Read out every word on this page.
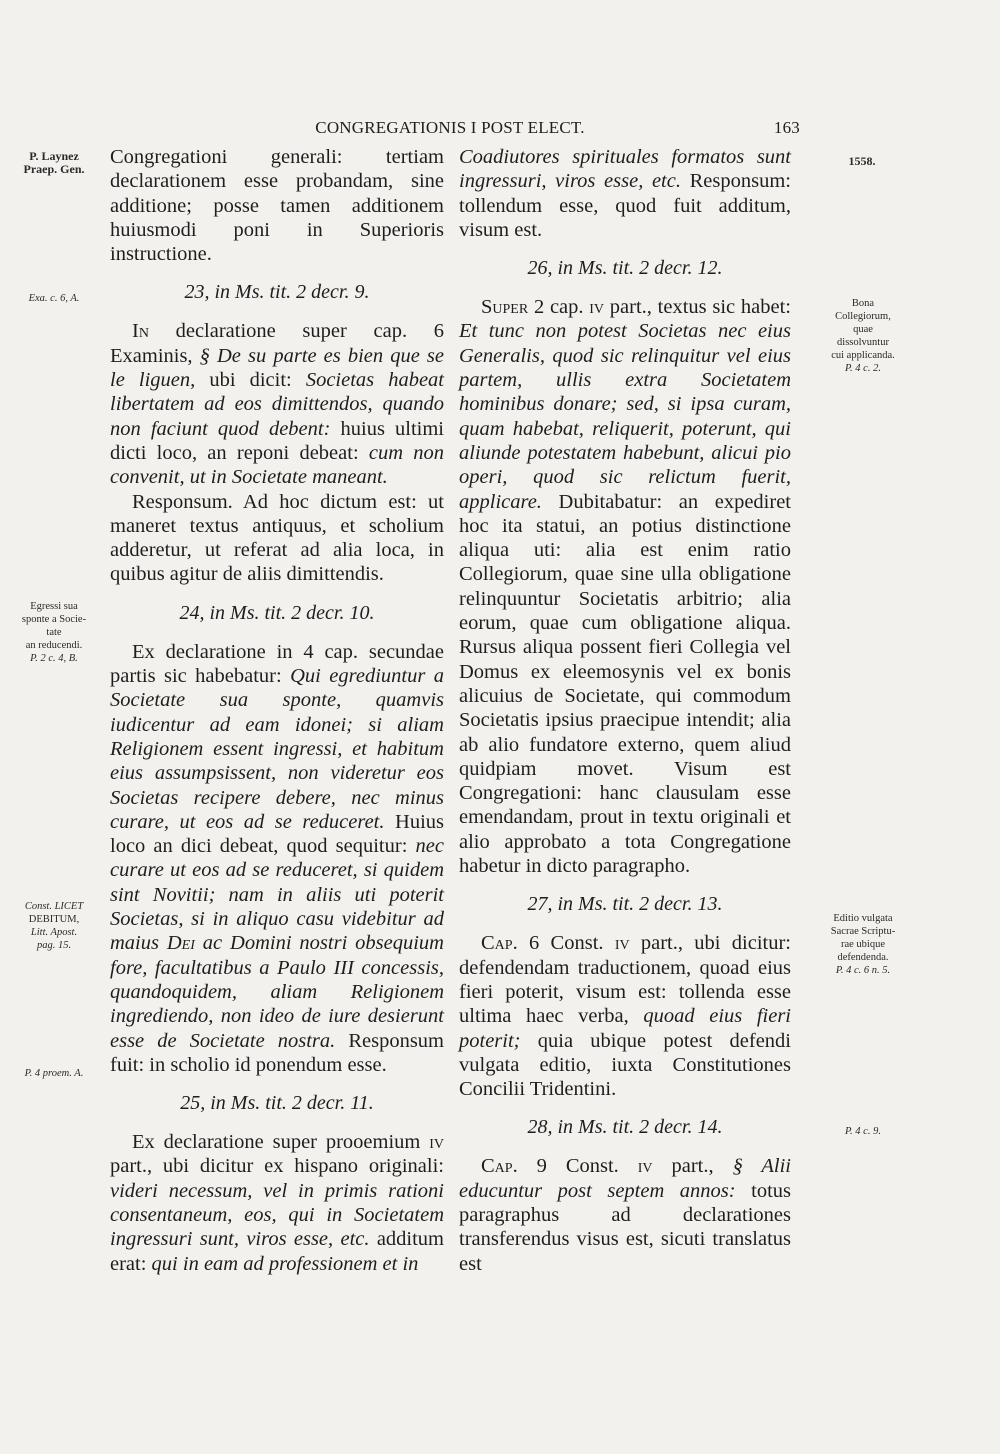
CONGREGATIONIS I POST ELECT.	163
P. Laynez
Praep. Gen.
Exa. c. 6, A.
Egressi sua
sponte a Socie-
tate
an reducendi.
P. 2 c. 4, B.
Const. LICET
DEBITUM,
Litt. Apost.
pag. 15.
P. 4 proem. A.
1558.
Bona
Collegiorum,
quae
dissolvuntur
cui applicanda.
P. 4 c. 2.
Editio vulgata
Sacrae Scriptu-
rae ubique
defendenda.
P. 4 c. 6 n. 5.
P. 4 c. 9.

Congregationi generali: tertiam declarationem esse probandam, sine additione; posse tamen additionem huiusmodi poni in Superioris instructione.

23, in Ms. tit. 2 decr. 9.

In declaratione super cap. 6 Examinis, § De su parte es bien que se le liguen, ubi dicit: Societas habeat libertatem ad eos dimittendos, quando non faciunt quod debent: huius ultimi dicti loco, an reponi debeat: cum non convenit, ut in Societate maneant.

Responsum. Ad hoc dictum est: ut maneret textus antiquus, et scholium adderetur, ut referat ad alia loca, in quibus agitur de aliis dimittendis.

24, in Ms. tit. 2 decr. 10.

Ex declaratione in 4 cap. secundae partis sic habebatur: Qui egrediuntur a Societate sua sponte, quamvis iudicentur ad eam idonei; si aliam Religionem essent ingressi, et habitum eius assumpsissent, non videretur eos Societas recipere debere, nec minus curare, ut eos ad se reduceret. Huius loco an dici debeat, quod sequitur: nec curare ut eos ad se reduceret, si quidem sint Novitii; nam in aliis uti poterit Societas, si in aliquo casu videbitur ad maius Dei ac Domini nostri obsequium fore, facultatibus a Paulo III concessis, quandoquidem, aliam Religionem ingrediendo, non ideo de iure desierunt esse de Societate nostra. Responsum fuit: in scholio id ponendum esse.

25, in Ms. tit. 2 decr. 11.

Ex declaratione super prooemium iv part., ubi dicitur ex hispano originali: videri necessum, vel in primis rationi consentaneum, eos, qui in Societatem ingressuri sunt, viros esse, etc. additum erat: qui in eam ad professionem et in

Coadiutores spirituales formatos sunt ingressuri, viros esse, etc. Responsum: tollendum esse, quod fuit additum, visum est.

26, in Ms. tit. 2 decr. 12.

Super 2 cap. iv part., textus sic habet: Et tunc non potest Societas nec eius Generalis, quod sic relinquitur vel eius partem, ullis extra Societatem hominibus donare; sed, si ipsa curam, quam habebat, reliquerit, poterunt, qui aliunde potestatem habebunt, alicui pio operi, quod sic relictum fuerit, applicare. Dubitabatur: an expediret hoc ita statui, an potius distinctione aliqua uti: alia est enim ratio Collegiorum, quae sine ulla obligatione relinquuntur Societatis arbitrio; alia eorum, quae cum obligatione aliqua. Rursus aliqua possent fieri Collegia vel Domus ex eleemosynis vel ex bonis alicuius de Societate, qui commodum Societatis ipsius praecipue intendit; alia ab alio fundatore externo, quem aliud quidpiam movet. Visum est Congregationi: hanc clausulam esse emendandam, prout in textu originali et alio approbato a tota Congregatione habetur in dicto paragrapho.

27, in Ms. tit. 2 decr. 13.

Cap. 6 Const. iv part., ubi dicitur: defendendam traductionem, quoad eius fieri poterit, visum est: tollenda esse ultima haec verba, quoad eius fieri poterit; quia ubique potest defendi vulgata editio, iuxta Constitutiones Concilii Tridentini.

28, in Ms. tit. 2 decr. 14.

Cap. 9 Const. iv part., § Alii educuntur post septem annos: totus paragraphus ad declarationes transferendus visus est, sicuti translatus est
